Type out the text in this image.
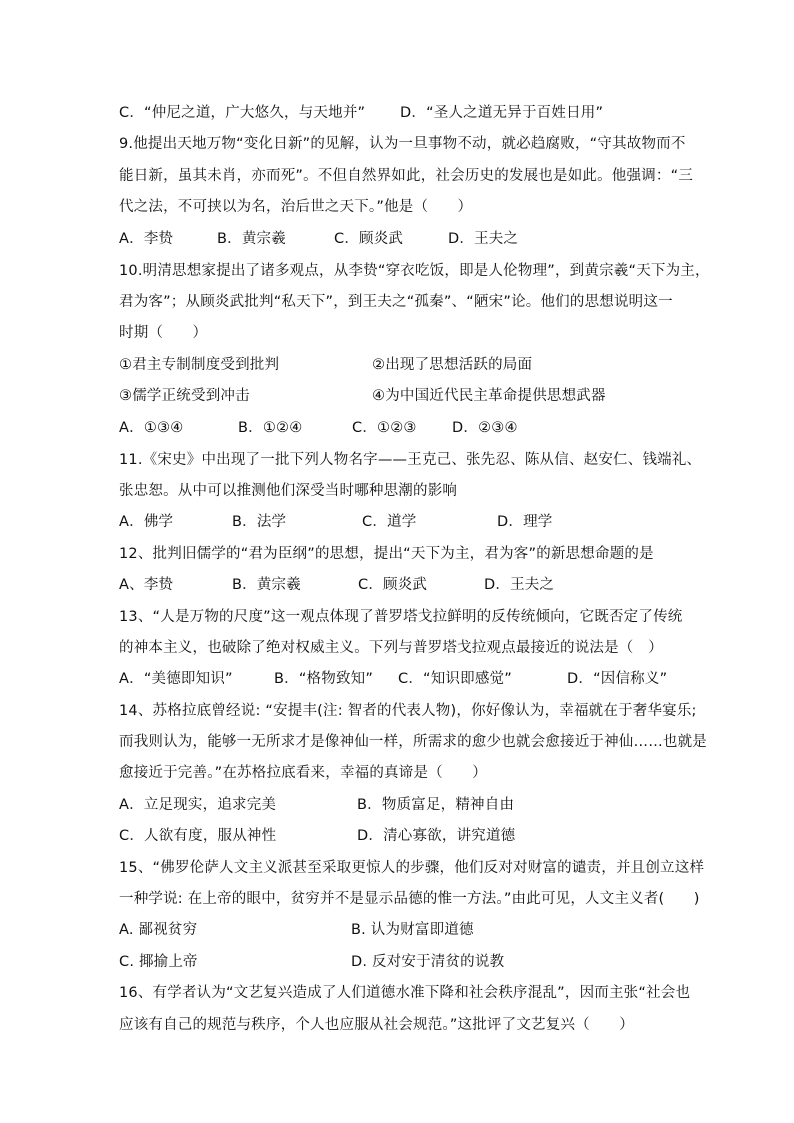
C．“仲尼之道，广大悠久，与天地并” D．“圣人之道无异于百姓日用”
9.他提出天地万物“变化日新”的见解，认为一旦事物不动，就必趋腐败，“守其故物而不
能日新，虽其未肖，亦而死”。不但自然界如此，社会历史的发展也是如此。他强调：“三
代之法，不可挟以为名，治后世之天下。”他是（　　）
A．李贽	B．黄宗羲	C．顾炎武	D．王夫之
10.明清思想家提出了诸多观点，从李贽“穿衣吃饭，即是人伦物理”，到黄宗羲“天下为主，
君为客”；从顾炎武批判“私天下”，到王夫之“孤秦”、“陋宋”论。他们的思想说明这一
时期（　　）
①君主专制制度受到批判	②出现了思想活跃的局面
③儒学正统受到冲击	④为中国近代民主革命提供思想武器
A．①③④	B．①②④	C．①②③ D．②③④
11.《宋史》中出现了一批下列人物名字——王克己、张先忍、陈从信、赵安仁、钱端礼、
张忠恕。从中可以推测他们深受当时哪种思潮的影响
A．佛学	B．法学	C．道学	D．理学
12、批判旧儒学的“君为臣纲”的思想，提出“天下为主，君为客”的新思想命题的是
A、李贽	B．黄宗羲	C．顾炎武	D．王夫之
13、“人是万物的尺度”这一观点体现了普罗塔戈拉鲜明的反传统倾向，它既否定了传统
的神本主义，也破除了绝对权威主义。下列与普罗塔戈拉观点最接近的说法是（　）
A．“美德即知识”	B．“格物致知” C．“知识即感觉”	D．“因信称义”
14、苏格拉底曾经说: “安提丰(注: 智者的代表人物)，你好像认为，幸福就在于奢华宴乐;
而我则认为，能够一无所求才是像神仙一样，所需求的愈少也就会愈接近于神仙……也就是
愈接近于完善。”在苏格拉底看来，幸福的真谛是（　　）
A．立足现实，追求完美	B．物质富足，精神自由
C．人欲有度，服从神性	D．清心寡欲，讲究道德
15、“佛罗伦萨人文主义派甚至采取更惊人的步骤，他们反对对财富的谴责，并且创立这样
一种学说: 在上帝的眼中，贫穷并不是显示品德的惟一方法。”由此可见，人文主义者(　　)
A. 鄙视贫穷	B. 认为财富即道德
C. 揶揄上帝	D. 反对安于清贫的说教
16、有学者认为“文艺复兴造成了人们道德水准下降和社会秩序混乱”，因而主张“社会也
应该有自己的规范与秩序，个人也应服从社会规范。”这批评了文艺复兴（　　）
